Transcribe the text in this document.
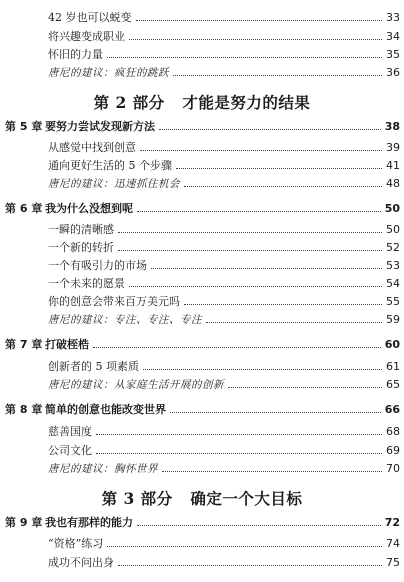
42 岁也可以蜕变	33
将兴趣变成职业	34
怀旧的力量	35
唐尼的建议：疯狂的跳跃	36
第 2 部分 才能是努力的结果
第 5 章 要努力尝试发现新方法	38
从感觉中找到创意	39
通向更好生活的 5 个步骤	41
唐尼的建议：迅速抓住机会	48
第 6 章 我为什么没想到呢	50
一瞬的清晰感	50
一个新的转折	52
一个有吸引力的市场	53
一个未来的愿景	54
你的创意会带来百万美元吗	55
唐尼的建议：专注、专注、专注	59
第 7 章 打破桎梏	60
创新者的 5 项素质	61
唐尼的建议：从家庭生活开展的创新	65
第 8 章 简单的创意也能改变世界	66
慈善国度	68
公司文化	69
唐尼的建议：胸怀世界	70
第 3 部分 确定一个大目标
第 9 章 我也有那样的能力	72
“资格”练习	74
成功不问出身	75
